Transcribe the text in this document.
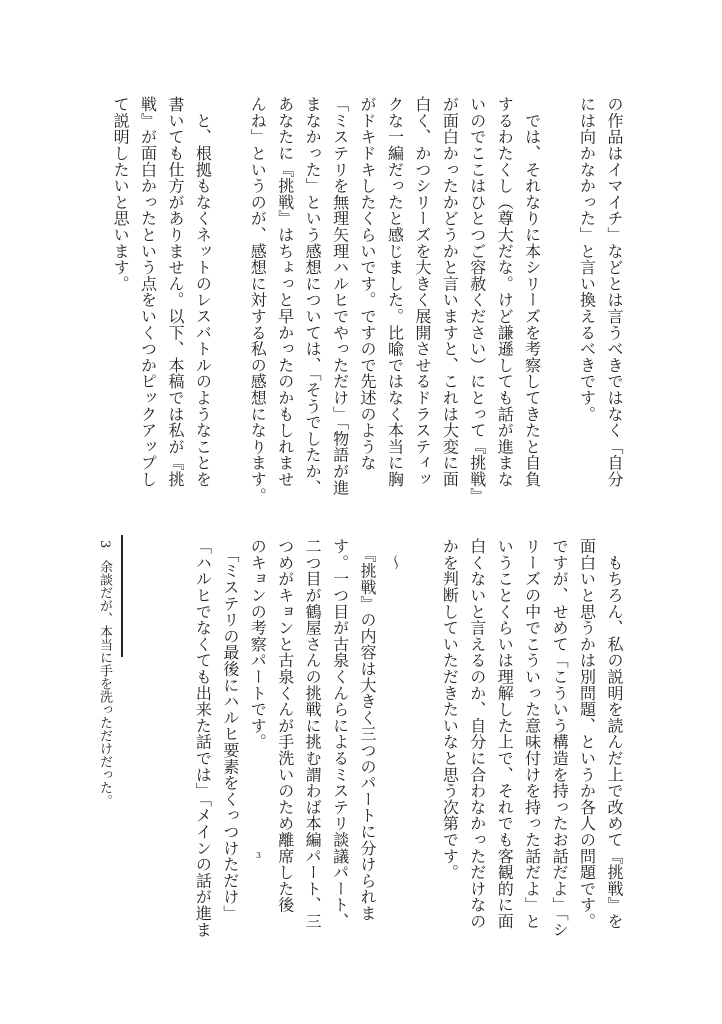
の作品はイマイチ」などとは言うべきではなく「自分
には向かなかった」と言い換えるべきです。
　では、それなりに本シリーズを考察してきたと自負
するわたくし（尊大だな。けど謙遜しても話が進まな
いのでここはひとつご容赦ください）にとって『挑戦』
が面白かったかどうかと言いますと、これは大変に面
白く、かつシリーズを大きく展開させるドラスティッ
クな一編だったと感じました。比喩ではなく本当に胸
がドキドキしたくらいです。ですので先述のような
「ミステリを無理矢理ハルヒでやっただけ」「物語が進
まなかった」という感想については、「そうでしたか、
あなたに『挑戦』はちょっと早かったのかもしれませ
んね」というのが、感想に対する私の感想になります。
　と、根拠もなくネットのレスバトルのようなことを
書いても仕方がありません。以下、本稿では私が『挑
戦』が面白かったという点をいくつかピックアップし
て説明したいと思います。
　もちろん、私の説明を読んだ上で改めて『挑戦』を
面白いと思うかは別問題、というか各人の問題です。
ですが、せめて「こういう構造を持ったお話だよ」「シ
リーズの中でこういった意味付けを持った話だよ」と
いうことくらいは理解した上で、それでも客観的に面
白くないと言えるのか、自分に合わなかっただけなの
かを判断していただきたいなと思う次第です。
　～
　『挑戦』の内容は大きく三つのパートに分けられま
す。一つ目が古泉くんらによるミステリ談議パート、
二つ目が鶴屋さんの挑戦に挑む謂わば本編パート、三
つめがキョンと古泉くんが手洗いのため離席した後
のキョンの考察パートです。
　「ミステリの最後にハルヒ要素をくっつけただけ」
「ハルヒでなくても出来た話では」「メインの話が進ま	3
3余談だが、本当に手を洗っただけだった。
